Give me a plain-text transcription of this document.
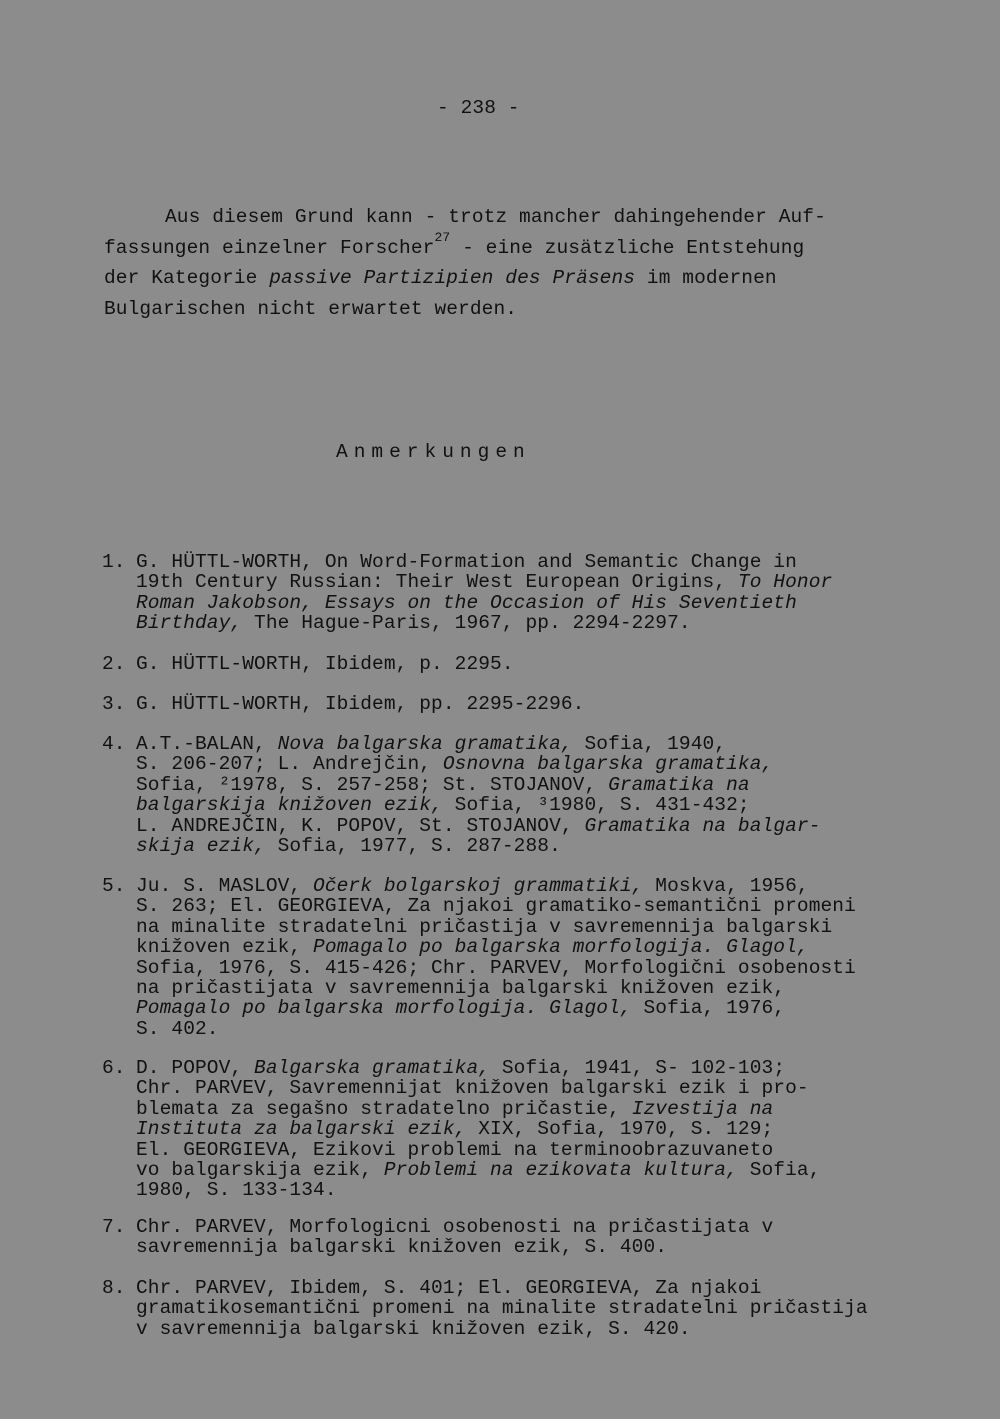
- 238 -
Aus diesem Grund kann - trotz mancher dahingehender Auf-
fassungen einzelner Forscher$^{27}$ - eine zusätzliche Entstehung
der Kategorie passive Partizipien des Präsens im modernen
Bulgarischen nicht erwartet werden.
Anmerkungen
1. G. HÜTTL-WORTH, On Word-Formation and Semantic Change in
19th Century Russian: Their West European Origins, To Honor
Roman Jakobson, Essays on the Occasion of His Seventieth
Birthday, The Hague-Paris, 1967, pp. 2294-2297.
2. G. HÜTTL-WORTH, Ibidem, p. 2295.
3. G. HÜTTL-WORTH, Ibidem, pp. 2295-2296.
4. A.T.-BALAN, Nova balgarska gramatika, Sofia, 1940,
S. 206-207; L. Andrejčin, Osnovna balgarska gramatika,
Sofia, ²1978, S. 257-258; St. STOJANOV, Gramatika na
balgarskija knižoven ezik, Sofia, ³1980, S. 431-432;
L. ANDREJČIN, K. POPOV, St. STOJANOV, Gramatika na balgar-
skija ezik, Sofia, 1977, S. 287-288.
5. Ju. S. MASLOV, Očerk bolgarskoj grammatiki, Moskva, 1956,
S. 263; El. GEORGIEVA, Za njakoi gramatiko-semantični promeni
na minalite stradatelni pričastija v savremennija balgarski
knižoven ezik, Pomagalo po balgarska morfologija. Glagol,
Sofia, 1976, S. 415-426; Chr. PARVEV, Morfologični osobenosti
na pričastijata v savremennija balgarski knižoven ezik,
Pomagalo po balgarska morfologija. Glagol, Sofia, 1976,
S. 402.
6. D. POPOV, Balgarska gramatika, Sofia, 1941, S- 102-103;
Chr. PARVEV, Savremennijat knižoven balgarski ezik i pro-
blemata za segašno stradatelno pričastie, Izvestija na
Instituta za balgarski ezik, XIX, Sofia, 1970, S. 129;
El. GEORGIEVA, Ezikovi problemi na terminoobrazuvaneto
vo balgarskija ezik, Problemi na ezikovata kultura, Sofia,
1980, S. 133-134.
7. Chr. PARVEV, Morfologicni osobenosti na pričastijata v
savremennija balgarski knižoven ezik, S. 400.
8. Chr. PARVEV, Ibidem, S. 401; El. GEORGIEVA, Za njakoi
gramatikosemantični promeni na minalite stradatelni pričastija
v savremennija balgarski knižoven ezik, S. 420.
